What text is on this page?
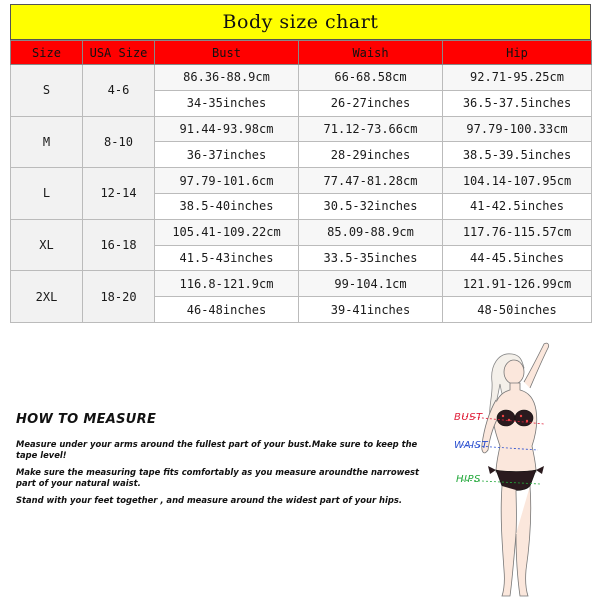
Body size chart
Size	USA Size	Bust	Waish	Hip
S	4-6	86.36-88.9cm	66-68.58cm	92.71-95.25cm
		34-35inches	26-27inches	36.5-37.5inches
M	8-10	91.44-93.98cm	71.12-73.66cm	97.79-100.33cm
		36-37inches	28-29inches	38.5-39.5inches
L	12-14	97.79-101.6cm	77.47-81.28cm	104.14-107.95cm
		38.5-40inches	30.5-32inches	41-42.5inches
XL	16-18	105.41-109.22cm	85.09-88.9cm	117.76-115.57cm
		41.5-43inches	33.5-35inches	44-45.5inches
2XL	18-20	116.8-121.9cm	99-104.1cm	121.91-126.99cm
		46-48inches	39-41inches	48-50inches
HOW TO MEASURE

Measure under your arms around the fullest part of your bust.Make sure to keep the tape level!

Make sure the measuring tape fits comfortably as you measure aroundthe narrowest part of your natural waist.

Stand with your feet together , and measure around the widest part of your hips.

BUST
WAIST
HIPS
